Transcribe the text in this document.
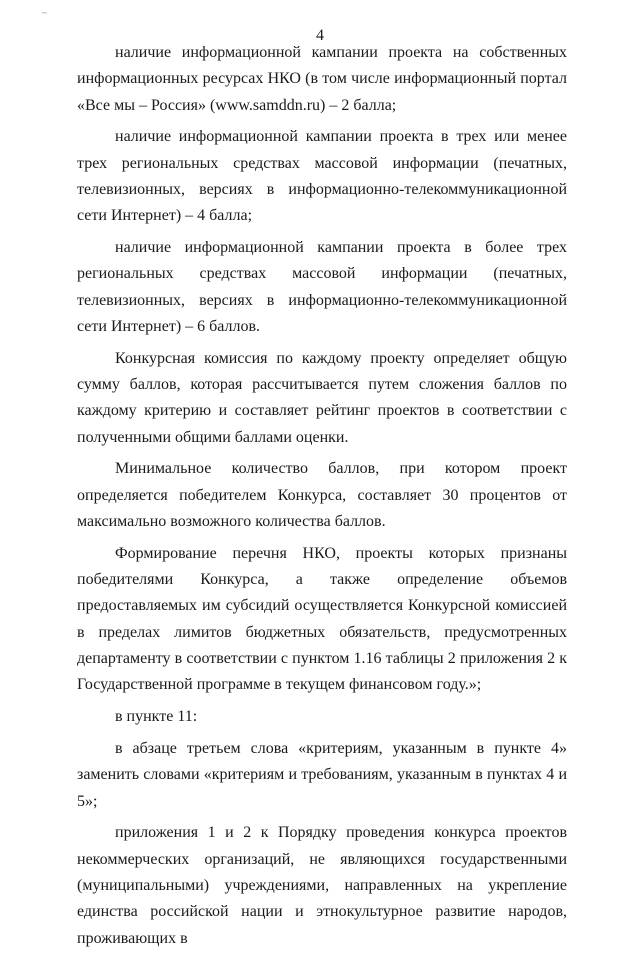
~
4

наличие информационной кампании проекта на собственных информационных ресурсах НКО (в том числе информационный портал «Все мы – Россия» (www.samddn.ru) – 2 балла;

наличие информационной кампании проекта в трех или менее трех региональных средствах массовой информации (печатных, телевизионных, версиях в информационно-телекоммуникационной сети Интернет) – 4 балла;

наличие информационной кампании проекта в более трех региональных средствах массовой информации (печатных, телевизионных, версиях в информационно-телекоммуникационной сети Интернет) – 6 баллов.

Конкурсная комиссия по каждому проекту определяет общую сумму баллов, которая рассчитывается путем сложения баллов по каждому критерию и составляет рейтинг проектов в соответствии с полученными общими баллами оценки.

Минимальное количество баллов, при котором проект определяется победителем Конкурса, составляет 30 процентов от максимально возможного количества баллов.

Формирование перечня НКО, проекты которых признаны победителями Конкурса, а также определение объемов предоставляемых им субсидий осуществляется Конкурсной комиссией в пределах лимитов бюджетных обязательств, предусмотренных департаменту в соответствии с пунктом 1.16 таблицы 2 приложения 2 к Государственной программе в текущем финансовом году.»;

в пункте 11:

в абзаце третьем слова «критериям, указанным в пункте 4» заменить словами «критериям и требованиям, указанным в пунктах 4 и 5»;

приложения 1 и 2 к Порядку проведения конкурса проектов некоммерческих организаций, не являющихся государственными (муниципальными) учреждениями, направленных на укрепление единства российской нации и этнокультурное развитие народов, проживающих в
